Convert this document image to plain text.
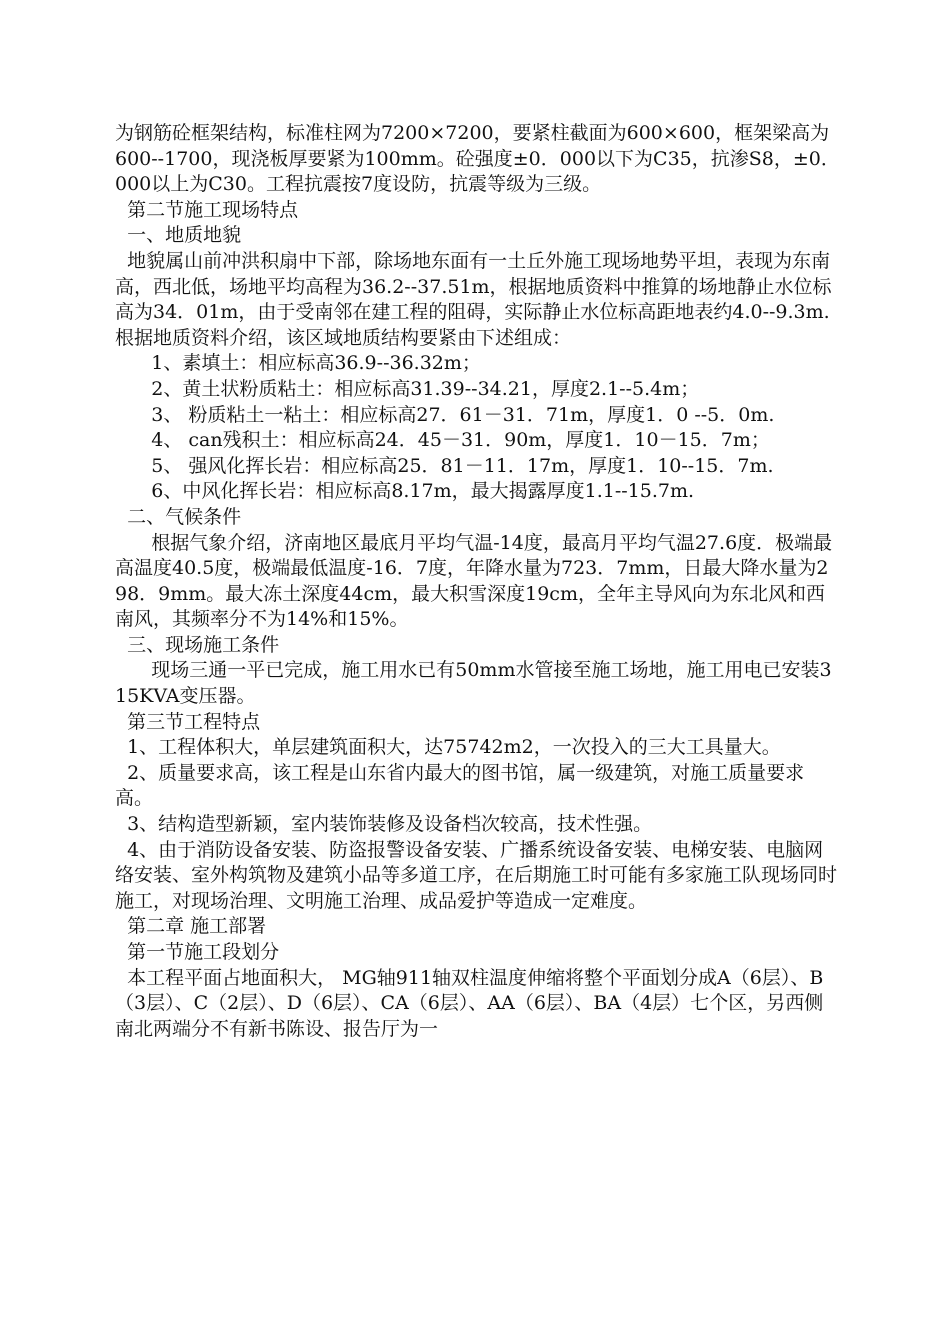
为钢筋砼框架结构，标准柱网为7200×7200，要紧柱截面为600×600，框架梁高为600--1700，现浇板厚要紧为100mm。砼强度±0．000以下为C35，抗渗S8，±0．000以上为C30。工程抗震按7度设防，抗震等级为三级。

第二节施工现场特点

一、地质地貌

地貌属山前冲洪积扇中下部，除场地东面有一土丘外施工现场地势平坦，表现为东南高，西北低，场地平均高程为36.2--37.51m，根据地质资料中推算的场地静止水位标高为34．01m，由于受南邻在建工程的阻碍，实际静止水位标高距地表约4.0--9.3m.根据地质资料介绍，该区域地质结构要紧由下述组成：

1、素填土：相应标高36.9--36.32m；

2、黄土状粉质粘土：相应标高31.39--34.21，厚度2.1--5.4m；

3、 粉质粘土一粘土：相应标高27．61－31．71m，厚度1．0 --5．0m.

4、 can残积土：相应标高24．45－31．90m，厚度1．10－15．7m；

5、 强风化挥长岩：相应标高25．81－11．17m，厚度1．10--15．7m.

6、中风化挥长岩：相应标高8.17m，最大揭露厚度1.1--15.7m.

二、气候条件

根据气象介绍，济南地区最底月平均气温-14度，最高月平均气温27.6度．极端最高温度40.5度，极端最低温度-16．7度，年降水量为723．7mm，日最大降水量为298．9mm。最大冻土深度44cm，最大积雪深度19cm，全年主导风向为东北风和西南风，其频率分不为14%和15%。

三、现场施工条件

现场三通一平已完成，施工用水已有50mm水管接至施工场地，施工用电已安装315KVA变压器。

第三节工程特点

1、工程体积大，单层建筑面积大，达75742m2，一次投入的三大工具量大。

2、质量要求高，该工程是山东省内最大的图书馆，属一级建筑，对施工质量要求高。

3、结构造型新颖，室内装饰装修及设备档次较高，技术性强。

4、由于消防设备安装、防盗报警设备安装、广播系统设备安装、电梯安装、电脑网络安装、室外构筑物及建筑小品等多道工序，在后期施工时可能有多家施工队现场同时施工，对现场治理、文明施工治理、成品爱护等造成一定难度。

第二章 施工部署

第一节施工段划分

本工程平面占地面积大， MG轴911轴双柱温度伸缩将整个平面划分成A（6层）、B（3层）、C（2层）、D（6层）、CA（6层）、AA（6层）、BA（4层）七个区，另西侧南北两端分不有新书陈设、报告厅为一
